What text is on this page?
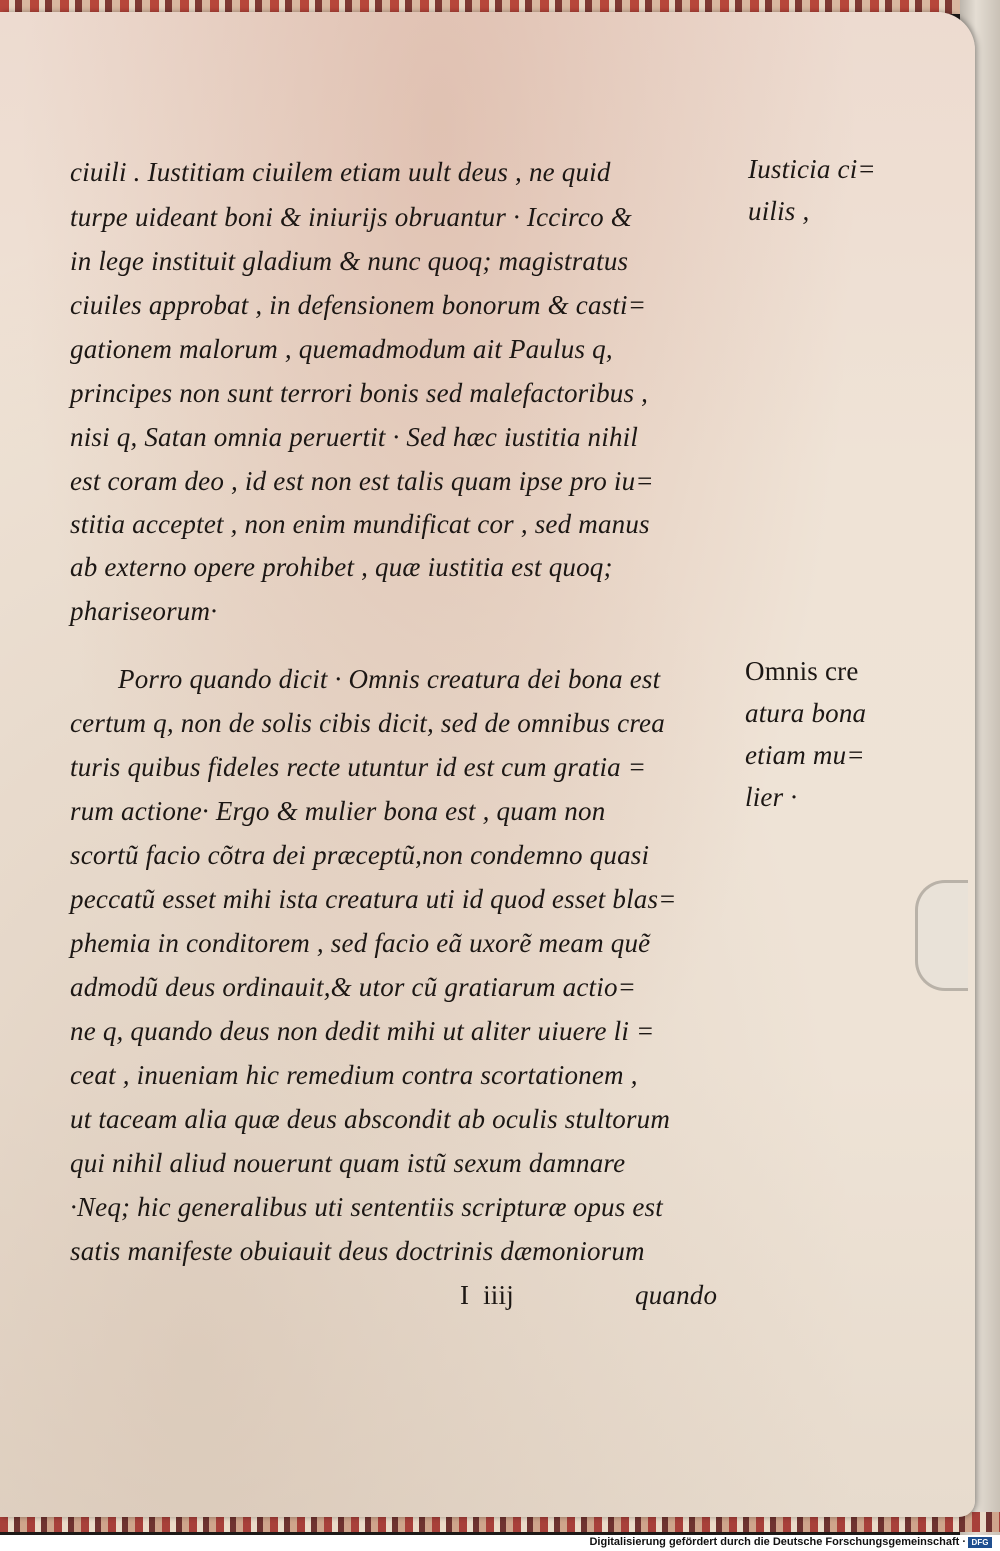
ciuili . Iustitiam ciuilem etiam uult deus , ne quid

turpe uideant boni & iniurijs obruantur · Iccirco &

in lege instituit gladium & nunc quoq; magistratus

ciuiles approbat , in defensionem bonorum & casti=

gationem malorum , quemadmodum ait Paulus q,

principes non sunt terrori bonis sed malefactoribus ,

nisi q, Satan omnia peruertit · Sed hæc iustitia nihil

est coram deo , id est non est talis quam ipse pro iu=

stitia acceptet , non enim mundificat cor , sed manus

ab externo opere prohibet , quæ iustitia est quoq;

phariseorum·

Porro quando dicit · Omnis creatura dei bona est

certum q, non de solis cibis dicit, sed de omnibus crea

turis quibus fideles recte utuntur id est cum gratia =

rum actione· Ergo & mulier bona est , quam non

scortũ facio cõtra dei præceptũ,non condemno quasi

peccatũ esset mihi ista creatura uti id quod esset blas=

phemia in conditorem , sed facio eã uxorẽ meam quẽ

admodũ deus ordinauit,& utor cũ gratiarum actio=

ne q, quando deus non dedit mihi ut aliter uiuere li =

ceat , inueniam hic remedium contra scortationem ,

ut taceam alia quæ deus abscondit ab oculis stultorum

qui nihil aliud nouerunt quam istũ sexum damnare

·Neq; hic generalibus uti sententiis scripturæ opus est

satis manifeste obuiauit deus doctrinis dæmoniorum

I  iiij

	quando

Iusticia ci=

uilis ,

Omnis cre

atura bona

etiam mu=

lier ·

Digitalisierung gefördert durch die Deutsche Forschungsgemeinschaft · DFG
